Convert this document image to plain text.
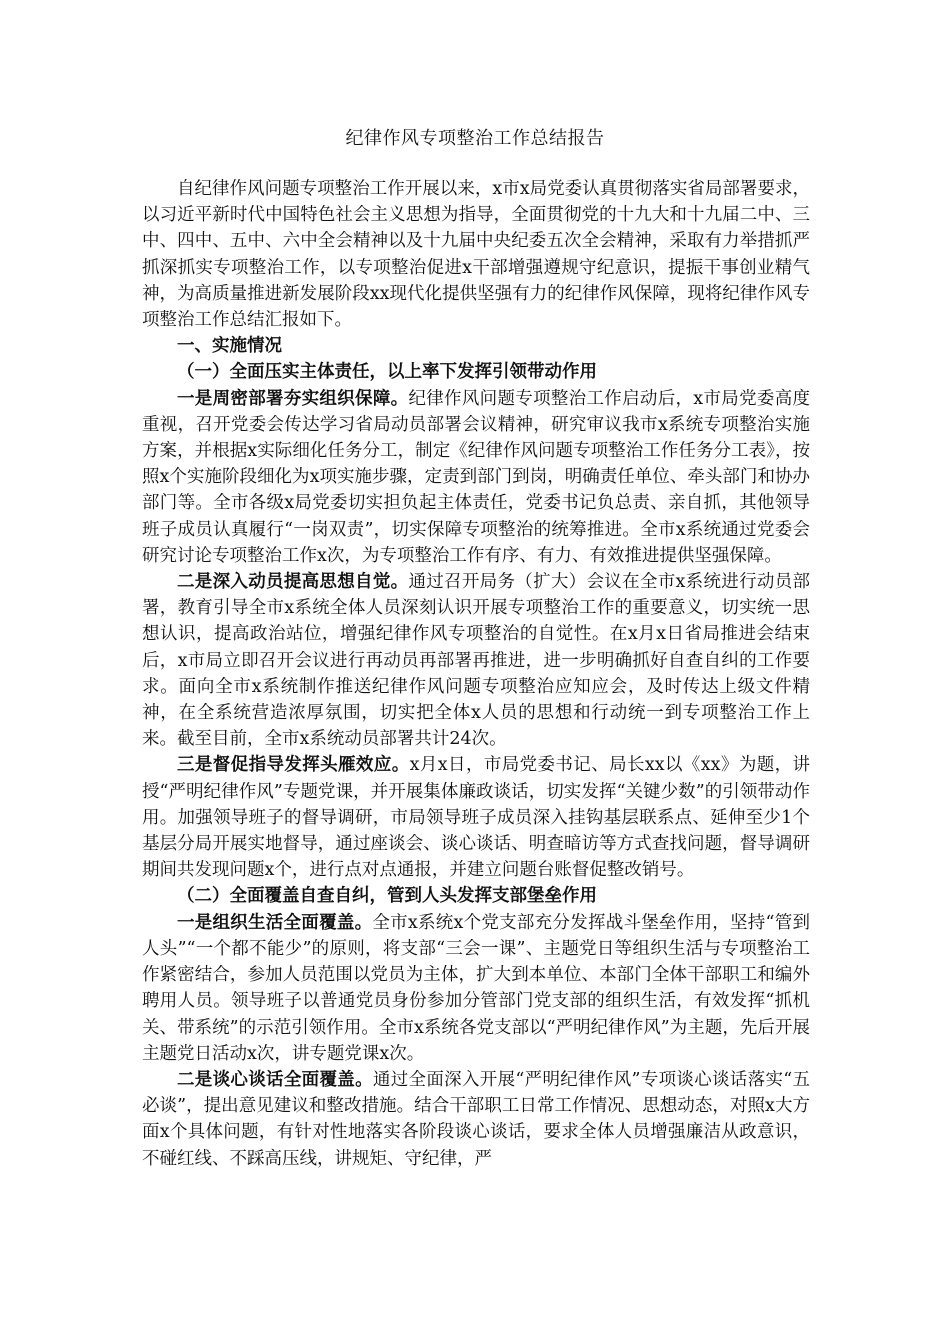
纪律作风专项整治工作总结报告

自纪律作风问题专项整治工作开展以来，x市x局党委认真贯彻落实省局部署要求，以习近平新时代中国特色社会主义思想为指导，全面贯彻党的十九大和十九届二中、三中、四中、五中、六中全会精神以及十九届中央纪委五次全会精神，采取有力举措抓严抓深抓实专项整治工作，以专项整治促进x干部增强遵规守纪意识，提振干事创业精气神，为高质量推进新发展阶段xx现代化提供坚强有力的纪律作风保障，现将纪律作风专项整治工作总结汇报如下。

一、实施情况

（一）全面压实主体责任，以上率下发挥引领带动作用

一是周密部署夯实组织保障。纪律作风问题专项整治工作启动后，x市局党委高度重视，召开党委会传达学习省局动员部署会议精神，研究审议我市x系统专项整治实施方案，并根据x实际细化任务分工，制定《纪律作风问题专项整治工作任务分工表》，按照x个实施阶段细化为x项实施步骤，定责到部门到岗，明确责任单位、牵头部门和协办部门等。全市各级x局党委切实担负起主体责任，党委书记负总责、亲自抓，其他领导班子成员认真履行“一岗双责”，切实保障专项整治的统筹推进。全市x系统通过党委会研究讨论专项整治工作x次，为专项整治工作有序、有力、有效推进提供坚强保障。

二是深入动员提高思想自觉。通过召开局务（扩大）会议在全市x系统进行动员部署，教育引导全市x系统全体人员深刻认识开展专项整治工作的重要意义，切实统一思想认识，提高政治站位，增强纪律作风专项整治的自觉性。在x月x日省局推进会结束后，x市局立即召开会议进行再动员再部署再推进，进一步明确抓好自查自纠的工作要求。面向全市x系统制作推送纪律作风问题专项整治应知应会，及时传达上级文件精神，在全系统营造浓厚氛围，切实把全体x人员的思想和行动统一到专项整治工作上来。截至目前，全市x系统动员部署共计24次。

三是督促指导发挥头雁效应。x月x日，市局党委书记、局长xx以《xx》为题，讲授“严明纪律作风”专题党课，并开展集体廉政谈话，切实发挥“关键少数”的引领带动作用。加强领导班子的督导调研，市局领导班子成员深入挂钩基层联系点、延伸至少1个基层分局开展实地督导，通过座谈会、谈心谈话、明查暗访等方式查找问题，督导调研期间共发现问题x个，进行点对点通报，并建立问题台账督促整改销号。

（二）全面覆盖自查自纠，管到人头发挥支部堡垒作用

一是组织生活全面覆盖。全市x系统x个党支部充分发挥战斗堡垒作用，坚持“管到人头”“一个都不能少”的原则，将支部“三会一课”、主题党日等组织生活与专项整治工作紧密结合，参加人员范围以党员为主体，扩大到本单位、本部门全体干部职工和编外聘用人员。领导班子以普通党员身份参加分管部门党支部的组织生活，有效发挥“抓机关、带系统”的示范引领作用。全市x系统各党支部以“严明纪律作风”为主题，先后开展主题党日活动x次，讲专题党课x次。

二是谈心谈话全面覆盖。通过全面深入开展“严明纪律作风”专项谈心谈话落实“五必谈”，提出意见建议和整改措施。结合干部职工日常工作情况、思想动态，对照x大方面x个具体问题，有针对性地落实各阶段谈心谈话，要求全体人员增强廉洁从政意识，不碰红线、不踩高压线，讲规矩、守纪律，严
